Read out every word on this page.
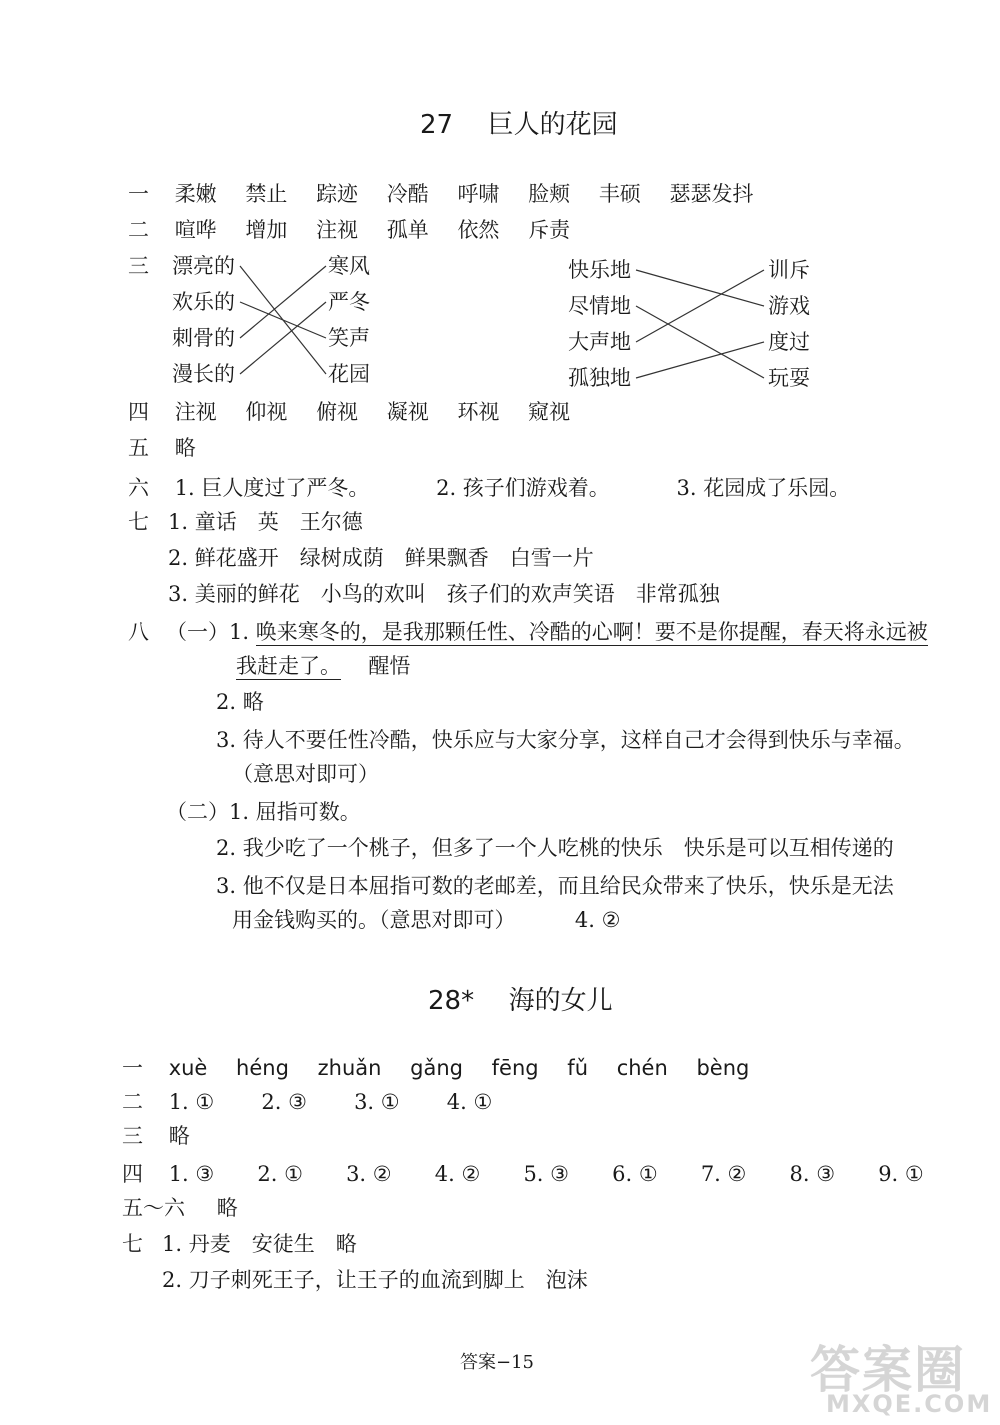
27 巨人的花园
一 柔嫩 禁止 踪迹 冷酷 呼啸 脸颊 丰硕 瑟瑟发抖
二 喧哗 增加 注视 孤单 依然 斥责
三 漂亮的
欢乐的
刺骨的
漫长的
寒风
严冬
笑声
花园
快乐地
尽情地
大声地
孤独地
训斥
游戏
度过
玩耍
四 注视 仰视 俯视 凝视 环视 窥视
五 略
六 1. 巨人度过了严冬。	2. 孩子们游戏着。	3. 花园成了乐园。
七 1. 童话　英　王尔德
2. 鲜花盛开　绿树成荫　鲜果飘香　白雪一片
3. 美丽的鲜花　小鸟的欢叫　孩子们的欢声笑语　非常孤独
八 （一）1. 唤来寒冬的，是我那颗任性、冷酷的心啊！要不是你提醒，春天将永远被
我赶走了。 醒悟
2. 略
3. 待人不要任性冷酷，快乐应与大家分享，这样自己才会得到快乐与幸福。
（意思对即可）
（二）1. 屈指可数。
2. 我少吃了一个桃子，但多了一个人吃桃的快乐　快乐是可以互相传递的
3. 他不仅是日本屈指可数的老邮差，而且给民众带来了快乐，快乐是无法
用金钱购买的。（意思对即可）	4. ②
28* 海的女儿
一 xuè héng zhuǎn gǎng fēng fǔ chén bèng
二 1. ① 2. ③ 3. ① 4. ①
三 略
四 1. ③ 2. ① 3. ② 4. ② 5. ③ 6. ① 7. ② 8. ③ 9. ①
五～六 略
七 1. 丹麦　安徒生　略
2. 刀子刺死王子，让王子的血流到脚上　泡沫
答案−15	答案圈
MXQE.COM
